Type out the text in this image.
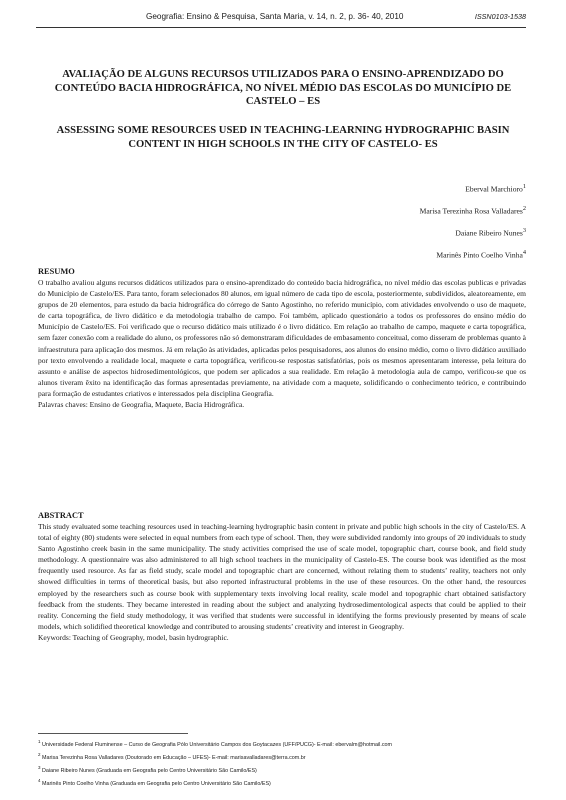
Geografia: Ensino & Pesquisa, Santa Maria, v. 14, n. 2, p. 36- 40, 2010	ISSN0103-1538
AVALIAÇÃO DE ALGUNS RECURSOS UTILIZADOS PARA O ENSINO-APRENDIZADO DO CONTEÚDO BACIA HIDROGRÁFICA, NO NÍVEL MÉDIO DAS ESCOLAS DO MUNICÍPIO DE CASTELO – ES
ASSESSING SOME RESOURCES USED IN TEACHING-LEARNING HYDROGRAPHIC BASIN CONTENT IN HIGH SCHOOLS IN THE CITY OF CASTELO- ES
Eberval Marchioro$^1$
Marisa Terezinha Rosa Valladares$^2$
Daiane Ribeiro Nunes$^3$
Marinês Pinto Coelho Vinha$^4$
RESUMO

O trabalho avaliou alguns recursos didáticos utilizados para o ensino-aprendizado do conteúdo bacia hidrográfica, no nível médio das escolas publicas e privadas do Município de Castelo/ES. Para tanto, foram selecionados 80 alunos, em igual número de cada tipo de escola, posteriormente, subdivididos, aleatoreamente, em grupos de 20 elementos, para estudo da bacia hidrográfica do córrego de Santo Agostinho, no referido município, com atividades envolvendo o uso de maquete, de carta topográfica, de livro didático e da metodologia trabalho de campo. Foi também, aplicado questionário a todos os professores do ensino médio do Município de Castelo/ES. Foi verificado que o recurso didático mais utilizado é o livro didático. Em relação ao trabalho de campo, maquete e carta topográfica, sem fazer conexão com a realidade do aluno, os professores não só demonstraram dificuldades de embasamento conceitual, como disseram de problemas quanto à infraestrutura para aplicação dos mesmos. Já em relação às atividades, aplicadas pelos pesquisadores, aos alunos do ensino médio, como o livro didático auxiliado por texto envolvendo a realidade local, maquete e carta topográfica, verificou-se respostas satisfatórias, pois os mesmos apresentaram interesse, pela leitura do assunto e análise de aspectos hidrosedimentológicos, que podem ser aplicados a sua realidade. Em relação à metodologia aula de campo, verificou-se que os alunos tiveram êxito na identificação das formas apresentadas previamente, na atividade com a maquete, solidificando o conhecimento teórico, e contribuindo para formação de estudantes criativos e interessados pela disciplina Geografia.

Palavras chaves: Ensino de Geografia, Maquete, Bacia Hidrográfica.
ABSTRACT

This study evaluated some teaching resources used in teaching-learning hydrographic basin content in private and public high schools in the city of Castelo/ES. A total of eighty (80) students were selected in equal numbers from each type of school. Then, they were subdivided randomly into groups of 20 individuals to study Santo Agostinho creek basin in the same municipality. The study activities comprised the use of scale model, topographic chart, course book, and field study methodology. A questionnaire was also administered to all high school teachers in the municipality of Castelo-ES. The course book was identified as the most frequently used resource. As far as field study, scale model and topographic chart are concerned, without relating them to students’ reality, teachers not only showed difficulties in terms of theoretical basis, but also reported infrastructural problems in the use of these resources. On the other hand, the resources employed by the researchers such as course book with supplementary texts involving local reality, scale model and topographic chart obtained satisfactory feedback from the students. They became interested in reading about the subject and analyzing hydrosedimentological aspects that could be applied to their reality. Concerning the field study methodology, it was verified that students were successful in identifying the forms previously presented by means of scale models, which solidified theoretical knowledge and contributed to arousing students’ creativity and interest in Geography.

Keywords: Teaching of Geography, model, basin hydrographic.
$^1$ Universidade Federal Fluminense – Curso de Geografia Pólo Universitário Campos dos Goytacazes (UFF/PUCG)- E-mail: ebervalm@hotmail.com
$^2$ Marisa Terezinha Rosa Valladares (Doutorado em Educação – UFES)- E-mail: marisavalladares@terra.com.br
$^3$ Daiane Ribeiro Nunes (Graduada em Geografia pelo Centro Universitário São Camilo/ES)
$^4$ Marinês Pinto Coelho Vinha (Graduada em Geografia pelo Centro Universitário São Camilo/ES)
